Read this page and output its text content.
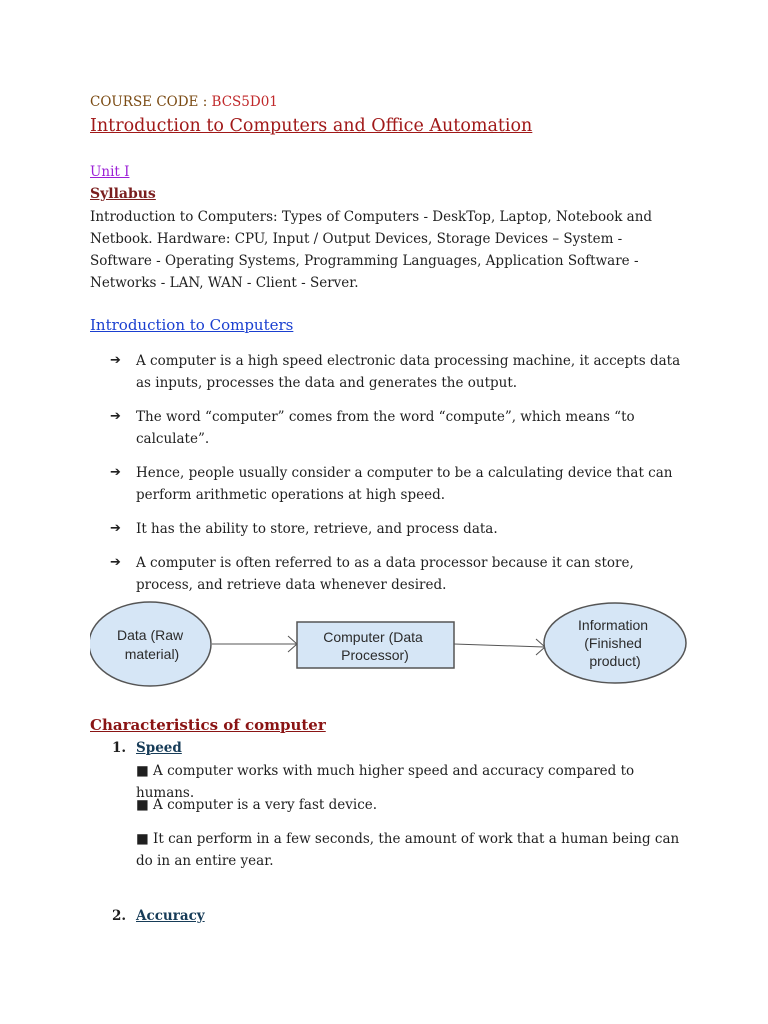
COURSE CODE : BCS5D01
Introduction to Computers and Office Automation
Unit I
Syllabus
Introduction to Computers: Types of Computers - DeskTop, Laptop, Notebook and Netbook. Hardware: CPU, Input / Output Devices, Storage Devices – System - Software - Operating Systems, Programming Languages, Application Software - Networks - LAN, WAN - Client - Server.
Introduction to Computers
➔ A computer is a high speed electronic data processing machine, it accepts data as inputs, processes the data and generates the output.
➔ The word “computer” comes from the word “compute”, which means “to calculate”.
➔ Hence, people usually consider a computer to be a calculating device that can perform arithmetic operations at high speed.
➔ It has the ability to store, retrieve, and process data.
➔ A computer is often referred to as a data processor because it can store, process, and retrieve data whenever desired.
Data (Raw material)
Computer (Data Processor)
Information (Finished product)
Characteristics of computer
1. Speed
■ A computer works with much higher speed and accuracy compared to humans.
■ A computer is a very fast device.
■ It can perform in a few seconds, the amount of work that a human being can do in an entire year.
2. Accuracy
